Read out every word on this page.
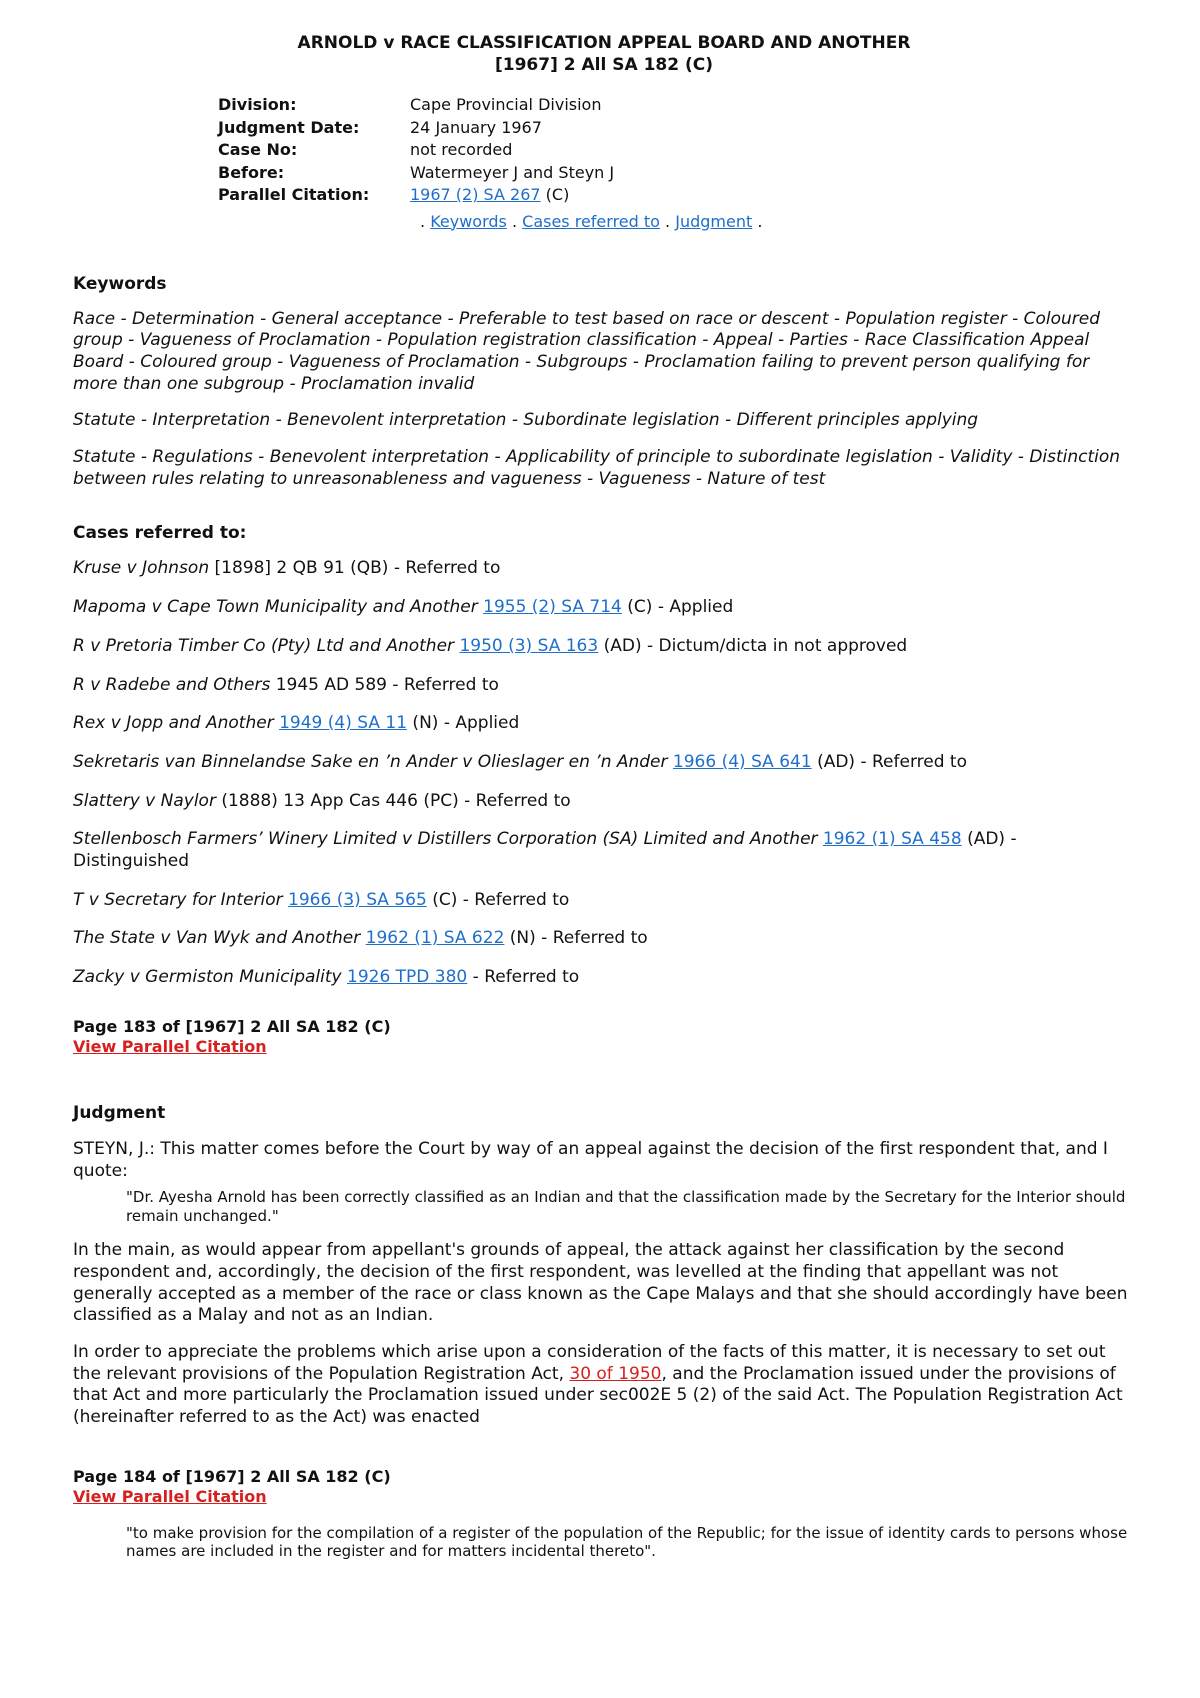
ARNOLD v RACE CLASSIFICATION APPEAL BOARD AND ANOTHER
[1967] 2 All SA 182 (C)
Division:	Cape Provincial Division
Judgment Date:	24 January 1967
Case No:	not recorded
Before:	Watermeyer J and Steyn J
Parallel Citation:	1967 (2) SA 267 (C)
. Keywords . Cases referred to . Judgment .
Keywords

Race - Determination - General acceptance - Preferable to test based on race or descent - Population register - Coloured group - Vagueness of Proclamation - Population registration classification - Appeal - Parties - Race Classification Appeal Board - Coloured group - Vagueness of Proclamation - Subgroups - Proclamation failing to prevent person qualifying for more than one subgroup - Proclamation invalid

Statute - Interpretation - Benevolent interpretation - Subordinate legislation - Different principles applying

Statute - Regulations - Benevolent interpretation - Applicability of principle to subordinate legislation - Validity - Distinction between rules relating to unreasonableness and vagueness - Vagueness - Nature of test

Cases referred to:

Kruse v Johnson [1898] 2 QB 91 (QB) - Referred to

Mapoma v Cape Town Municipality and Another 1955 (2) SA 714 (C) - Applied

R v Pretoria Timber Co (Pty) Ltd and Another 1950 (3) SA 163 (AD) - Dictum/dicta in not approved

R v Radebe and Others 1945 AD 589 - Referred to

Rex v Jopp and Another 1949 (4) SA 11 (N) - Applied

Sekretaris van Binnelandse Sake en ’n Ander v Olieslager en ’n Ander 1966 (4) SA 641 (AD) - Referred to

Slattery v Naylor (1888) 13 App Cas 446 (PC) - Referred to

Stellenbosch Farmers’ Winery Limited v Distillers Corporation (SA) Limited and Another 1962 (1) SA 458 (AD) - Distinguished

T v Secretary for Interior 1966 (3) SA 565 (C) - Referred to

The State v Van Wyk and Another 1962 (1) SA 622 (N) - Referred to

Zacky v Germiston Municipality 1926 TPD 380 - Referred to

Page 183 of [1967] 2 All SA 182 (C)
View Parallel Citation
Judgment

STEYN, J.: This matter comes before the Court by way of an appeal against the decision of the first respondent that, and I quote:

"Dr. Ayesha Arnold has been correctly classified as an Indian and that the classification made by the Secretary for the Interior should remain unchanged."

In the main, as would appear from appellant's grounds of appeal, the attack against her classification by the second respondent and, accordingly, the decision of the first respondent, was levelled at the finding that appellant was not generally accepted as a member of the race or class known as the Cape Malays and that she should accordingly have been classified as a Malay and not as an Indian.

In order to appreciate the problems which arise upon a consideration of the facts of this matter, it is necessary to set out the relevant provisions of the Population Registration Act, 30 of 1950, and the Proclamation issued under the provisions of that Act and more particularly the Proclamation issued under sec002E 5 (2) of the said Act. The Population Registration Act (hereinafter referred to as the Act) was enacted

Page 184 of [1967] 2 All SA 182 (C)
View Parallel Citation

"to make provision for the compilation of a register of the population of the Republic; for the issue of identity cards to persons whose names are included in the register and for matters incidental thereto".
